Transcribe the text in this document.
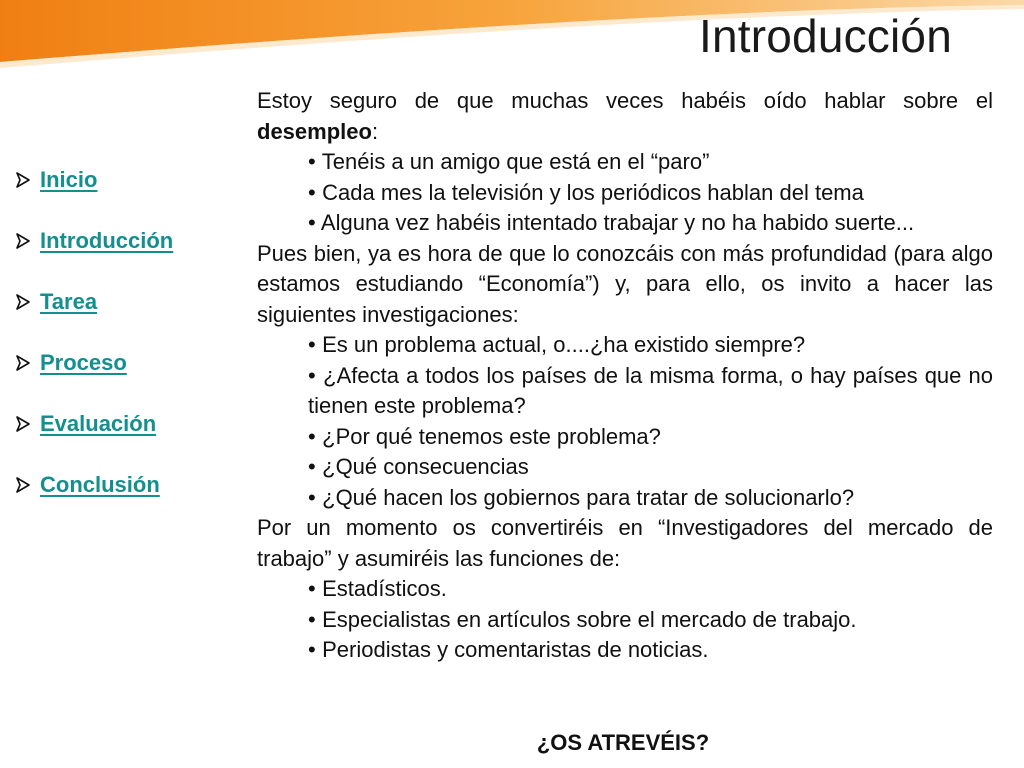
Introducción
Inicio
Introducción
Tarea
Proceso
Evaluación
Conclusión

Estoy seguro de que muchas veces habéis oído hablar sobre el desempleo:

• Tenéis a un amigo que está en el “paro”
• Cada mes la televisión y los periódicos hablan del tema
• Alguna vez habéis intentado trabajar y no ha habido suerte...

Pues bien, ya es hora de que lo conozcáis con más profundidad (para algo estamos estudiando “Economía”) y, para ello, os invito a hacer las siguientes investigaciones:

• Es un problema actual, o....¿ha existido siempre?
• ¿Afecta a todos los países de la misma forma, o hay países que no tienen este problema?
• ¿Por qué tenemos este problema?
• ¿Qué consecuencias
• ¿Qué hacen los gobiernos para tratar de solucionarlo?

Por un momento os convertiréis en “Investigadores del mercado de trabajo” y asumiréis las funciones de:

• Estadísticos.
• Especialistas en artículos sobre el mercado de trabajo.
• Periodistas y comentaristas de noticias.
¿OS ATREVÉIS?
